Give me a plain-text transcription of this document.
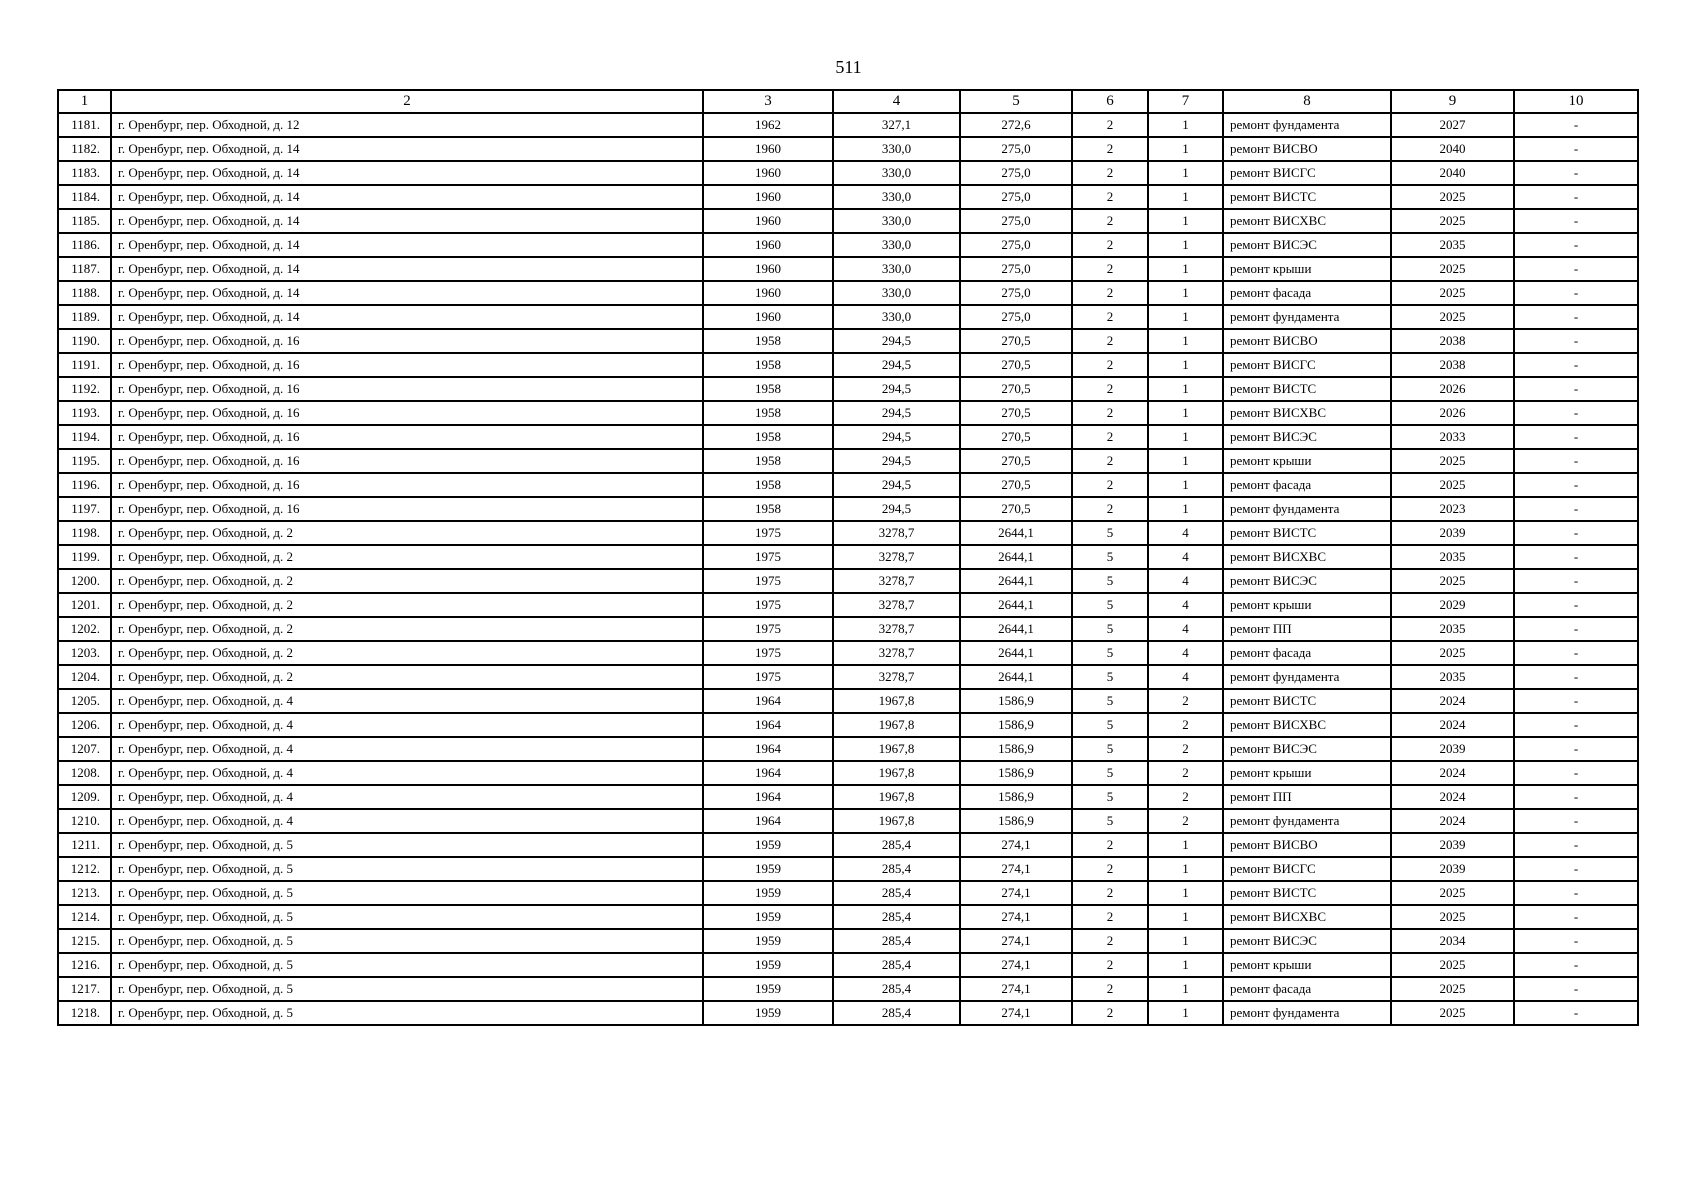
511
1	2	3	4	5	6	7	8	9	10
1181.	г. Оренбург, пер. Обходной, д. 12	1962	327,1	272,6	2	1	ремонт фундамента	2027	-
1182.	г. Оренбург, пер. Обходной, д. 14	1960	330,0	275,0	2	1	ремонт ВИСВО	2040	-
1183.	г. Оренбург, пер. Обходной, д. 14	1960	330,0	275,0	2	1	ремонт ВИСГС	2040	-
1184.	г. Оренбург, пер. Обходной, д. 14	1960	330,0	275,0	2	1	ремонт ВИСТС	2025	-
1185.	г. Оренбург, пер. Обходной, д. 14	1960	330,0	275,0	2	1	ремонт ВИСХВС	2025	-
1186.	г. Оренбург, пер. Обходной, д. 14	1960	330,0	275,0	2	1	ремонт ВИСЭС	2035	-
1187.	г. Оренбург, пер. Обходной, д. 14	1960	330,0	275,0	2	1	ремонт крыши	2025	-
1188.	г. Оренбург, пер. Обходной, д. 14	1960	330,0	275,0	2	1	ремонт фасада	2025	-
1189.	г. Оренбург, пер. Обходной, д. 14	1960	330,0	275,0	2	1	ремонт фундамента	2025	-
1190.	г. Оренбург, пер. Обходной, д. 16	1958	294,5	270,5	2	1	ремонт ВИСВО	2038	-
1191.	г. Оренбург, пер. Обходной, д. 16	1958	294,5	270,5	2	1	ремонт ВИСГС	2038	-
1192.	г. Оренбург, пер. Обходной, д. 16	1958	294,5	270,5	2	1	ремонт ВИСТС	2026	-
1193.	г. Оренбург, пер. Обходной, д. 16	1958	294,5	270,5	2	1	ремонт ВИСХВС	2026	-
1194.	г. Оренбург, пер. Обходной, д. 16	1958	294,5	270,5	2	1	ремонт ВИСЭС	2033	-
1195.	г. Оренбург, пер. Обходной, д. 16	1958	294,5	270,5	2	1	ремонт крыши	2025	-
1196.	г. Оренбург, пер. Обходной, д. 16	1958	294,5	270,5	2	1	ремонт фасада	2025	-
1197.	г. Оренбург, пер. Обходной, д. 16	1958	294,5	270,5	2	1	ремонт фундамента	2023	-
1198.	г. Оренбург, пер. Обходной, д. 2	1975	3278,7	2644,1	5	4	ремонт ВИСТС	2039	-
1199.	г. Оренбург, пер. Обходной, д. 2	1975	3278,7	2644,1	5	4	ремонт ВИСХВС	2035	-
1200.	г. Оренбург, пер. Обходной, д. 2	1975	3278,7	2644,1	5	4	ремонт ВИСЭС	2025	-
1201.	г. Оренбург, пер. Обходной, д. 2	1975	3278,7	2644,1	5	4	ремонт крыши	2029	-
1202.	г. Оренбург, пер. Обходной, д. 2	1975	3278,7	2644,1	5	4	ремонт ПП	2035	-
1203.	г. Оренбург, пер. Обходной, д. 2	1975	3278,7	2644,1	5	4	ремонт фасада	2025	-
1204.	г. Оренбург, пер. Обходной, д. 2	1975	3278,7	2644,1	5	4	ремонт фундамента	2035	-
1205.	г. Оренбург, пер. Обходной, д. 4	1964	1967,8	1586,9	5	2	ремонт ВИСТС	2024	-
1206.	г. Оренбург, пер. Обходной, д. 4	1964	1967,8	1586,9	5	2	ремонт ВИСХВС	2024	-
1207.	г. Оренбург, пер. Обходной, д. 4	1964	1967,8	1586,9	5	2	ремонт ВИСЭС	2039	-
1208.	г. Оренбург, пер. Обходной, д. 4	1964	1967,8	1586,9	5	2	ремонт крыши	2024	-
1209.	г. Оренбург, пер. Обходной, д. 4	1964	1967,8	1586,9	5	2	ремонт ПП	2024	-
1210.	г. Оренбург, пер. Обходной, д. 4	1964	1967,8	1586,9	5	2	ремонт фундамента	2024	-
1211.	г. Оренбург, пер. Обходной, д. 5	1959	285,4	274,1	2	1	ремонт ВИСВО	2039	-
1212.	г. Оренбург, пер. Обходной, д. 5	1959	285,4	274,1	2	1	ремонт ВИСГС	2039	-
1213.	г. Оренбург, пер. Обходной, д. 5	1959	285,4	274,1	2	1	ремонт ВИСТС	2025	-
1214.	г. Оренбург, пер. Обходной, д. 5	1959	285,4	274,1	2	1	ремонт ВИСХВС	2025	-
1215.	г. Оренбург, пер. Обходной, д. 5	1959	285,4	274,1	2	1	ремонт ВИСЭС	2034	-
1216.	г. Оренбург, пер. Обходной, д. 5	1959	285,4	274,1	2	1	ремонт крыши	2025	-
1217.	г. Оренбург, пер. Обходной, д. 5	1959	285,4	274,1	2	1	ремонт фасада	2025	-
1218.	г. Оренбург, пер. Обходной, д. 5	1959	285,4	274,1	2	1	ремонт фундамента	2025	-
